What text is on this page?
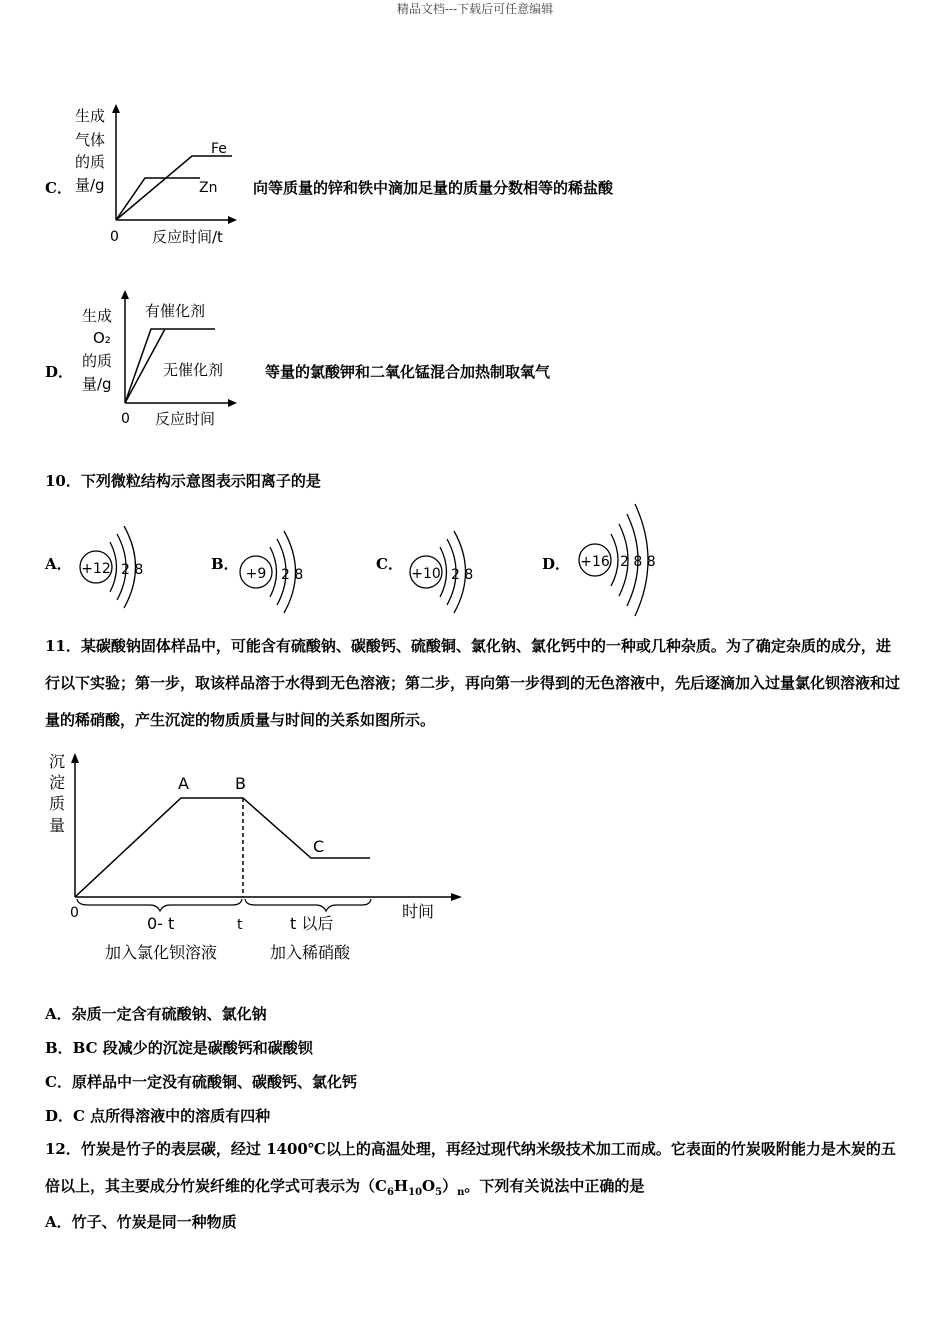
精品文档---下载后可任意编辑
C．
生成
气体
的质
量/g
0 反应时间/t
Fe
Zn 向等质量的锌和铁中滴加足量的质量分数相等的稀盐酸
D．
生成
O₂
的质
量/g
0 反应时间
有催化剂
无催化剂	等量的氯酸钾和二氧化锰混合加热制取氧气
10．下列微粒结构示意图表示阳离子的是
A． +12 2 8	B．
+9 2 8
C．
+10 2 8
D． +16 2 8 8
11．某碳酸钠固体样品中，可能含有硫酸钠、碳酸钙、硫酸铜、氯化钠、氯化钙中的一种或几种杂质。为了确定杂质的成分，进行以下实验；第一步，取该样品溶于水得到无色溶液；第二步，再向第一步得到的无色溶液中，先后逐滴加入过量氯化钡溶液和过量的稀硝酸，产生沉淀的物质质量与时间的关系如图所示。
沉
淀
质
量
时间
A	B
C
0
t
0- t	t 以后
加入氯化钡溶液	加入稀硝酸
A．杂质一定含有硫酸钠、氯化钠
B．BC 段减少的沉淀是碳酸钙和碳酸钡
C．原样品中一定没有硫酸铜、碳酸钙、氯化钙
D．C 点所得溶液中的溶质有四种
12．竹炭是竹子的表层碳，经过 1400℃以上的高温处理，再经过现代纳米级技术加工而成。它表面的竹炭吸附能力是木炭的五倍以上，其主要成分竹炭纤维的化学式可表示为$(C_6H_{10}O_5)_n$。下列有关说法中正确的是
A．竹子、竹炭是同一种物质
